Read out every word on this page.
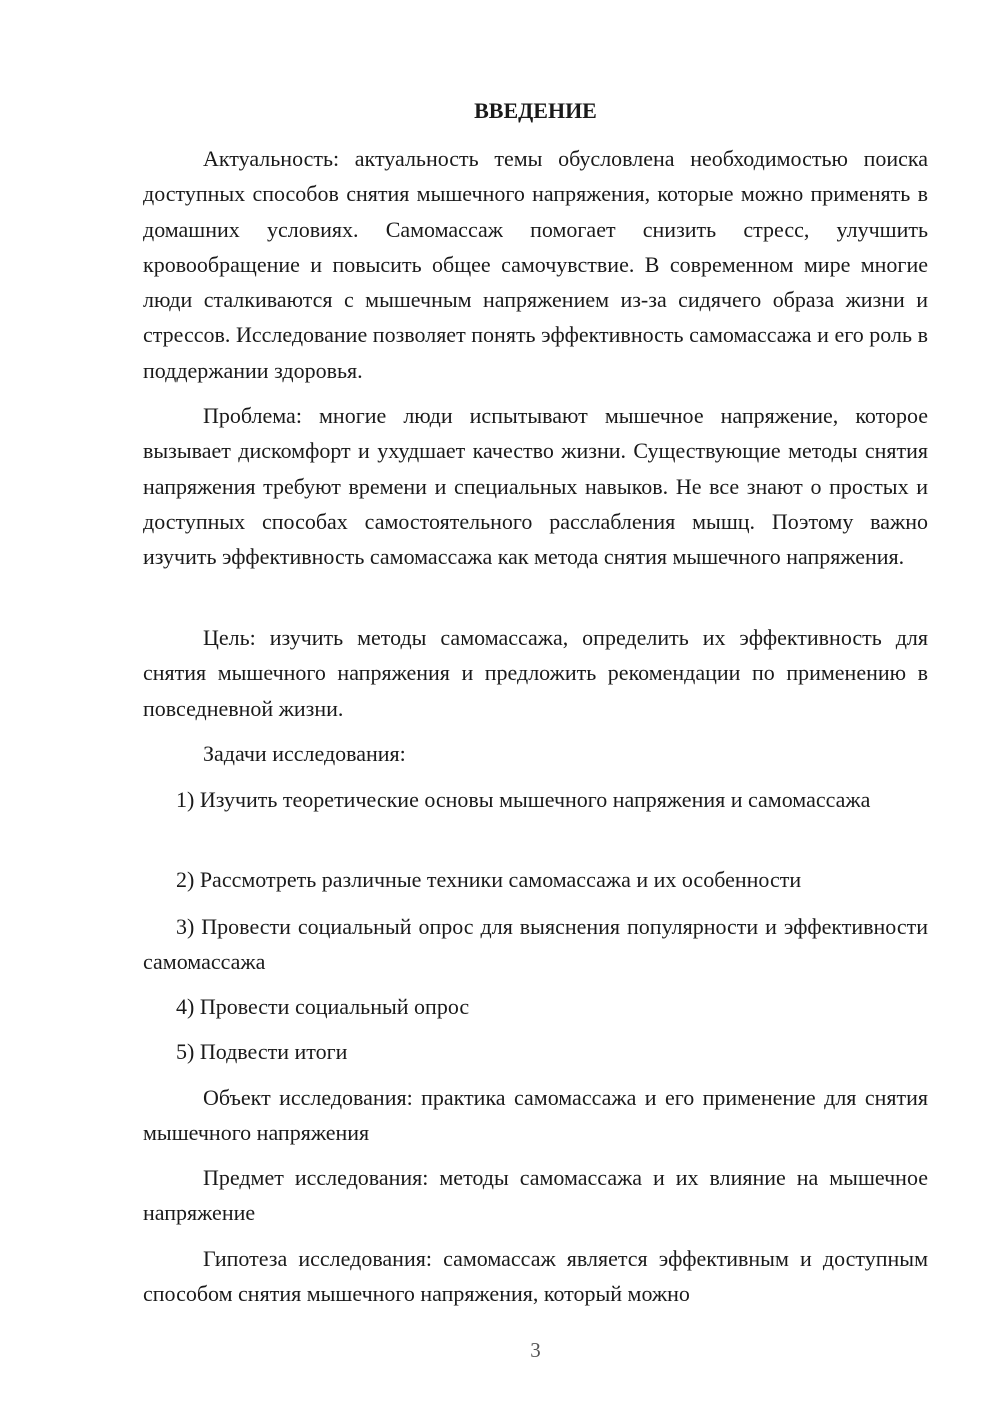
ВВЕДЕНИЕ

Актуальность: актуальность темы обусловлена необходимостью поиска доступных способов снятия мышечного напряжения, которые можно применять в домашних условиях. Самомассаж помогает снизить стресс, улучшить кровообращение и повысить общее самочувствие. В современном мире многие люди сталкиваются с мышечным напряжением из-за сидячего образа жизни и стрессов. Исследование позволяет понять эффективность самомассажа и его роль в поддержании здоровья.

Проблема: многие люди испытывают мышечное напряжение, которое вызывает дискомфорт и ухудшает качество жизни. Существующие методы снятия напряжения требуют времени и специальных навыков. Не все знают о простых и доступных способах самостоятельного расслабления мышц. Поэтому важно изучить эффективность самомассажа как метода снятия мышечного напряжения.

Цель: изучить методы самомассажа, определить их эффективность для снятия мышечного напряжения и предложить рекомендации по применению в повседневной жизни.

Задачи исследования:

1) Изучить теоретические основы мышечного напряжения и самомассажа

2) Рассмотреть различные техники самомассажа и их особенности

3) Провести социальный опрос для выяснения популярности и эффективности самомассажа

4) Провести социальный опрос

5) Подвести итоги

Объект исследования: практика самомассажа и его применение для снятия мышечного напряжения

Предмет исследования: методы самомассажа и их влияние на мышечное напряжение

Гипотеза исследования: самомассаж является эффективным и доступным способом снятия мышечного напряжения, который можно

3
